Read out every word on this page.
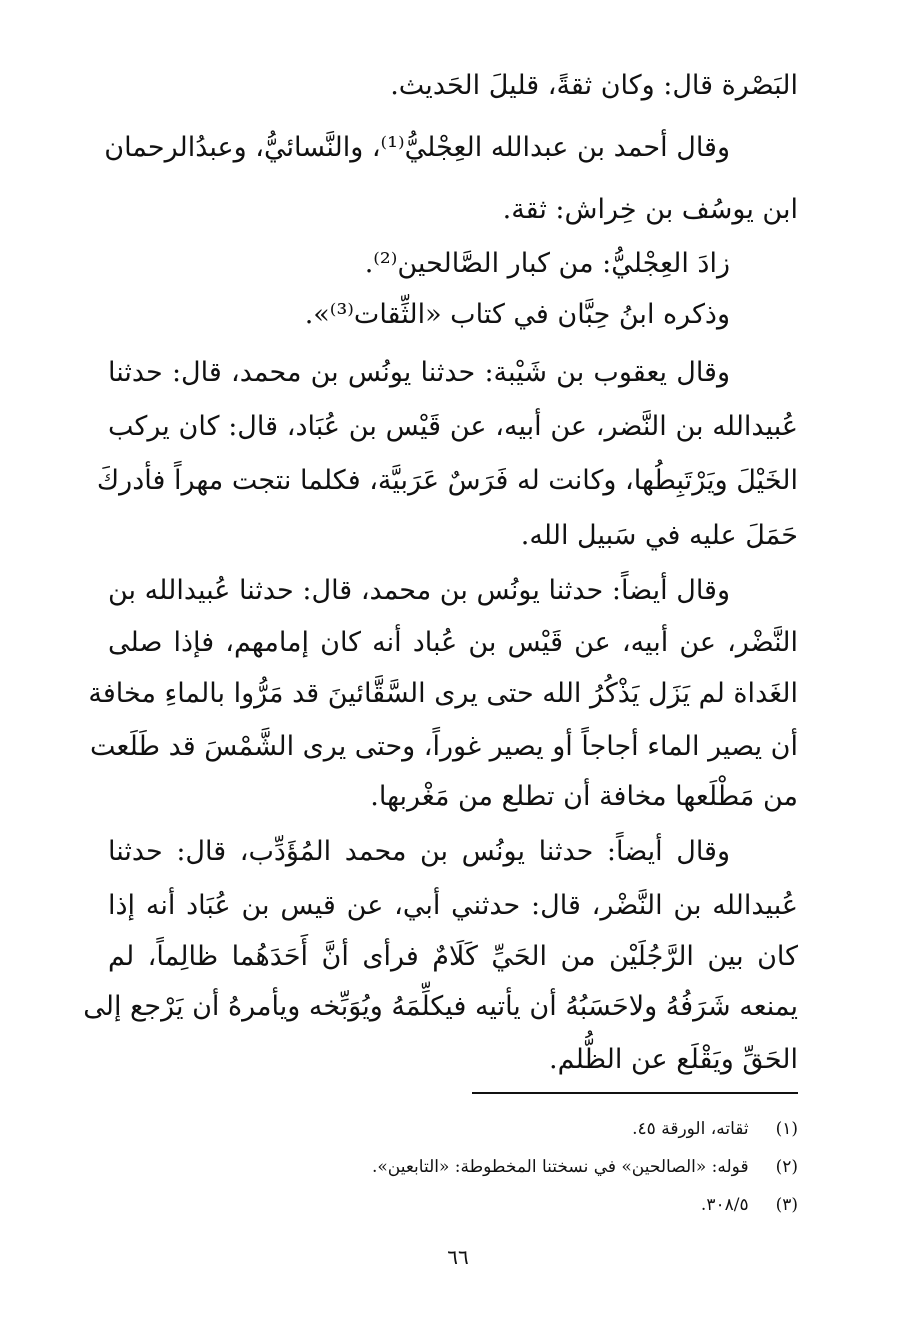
البَصْرة قال: وكان ثقةً، قليلَ الحَديث.
وقال أحمد بن عبدالله العِجْليُّ⁽¹⁾، والنَّسائيُّ، وعبدُالرحمان
ابن يوسُف بن خِراش: ثقة.
زادَ العِجْليُّ: من كبار الصَّالحين⁽²⁾.
وذكره ابنُ حِبَّان في كتاب «الثِّقات⁽³⁾».
وقال يعقوب بن شَيْبة: حدثنا يونُس بن محمد، قال: حدثنا
عُبيدالله بن النَّضر، عن أبيه، عن قَيْس بن عُبَاد، قال: كان يركب
الخَيْلَ ويَرْتَبِطُها، وكانت له فَرَسٌ عَرَبيَّة، فكلما نتجت مهراً فأدركَ
حَمَلَ عليه في سَبيل الله.
وقال أيضاً: حدثنا يونُس بن محمد، قال: حدثنا عُبيدالله بن
النَّضْر، عن أبيه، عن قَيْس بن عُباد أنه كان إمامهم، فإذا صلى
الغَداة لم يَزَل يَذْكُرُ الله حتى يرى السَّقَّائينَ قد مَرُّوا بالماءِ مخافة
أن يصير الماء أجاجاً أو يصير غوراً، وحتى يرى الشَّمْسَ قد طَلَعت
من مَطْلَعها مخافة أن تطلع من مَغْربها.
وقال أيضاً: حدثنا يونُس بن محمد المُؤَدِّب، قال: حدثنا
عُبيدالله بن النَّضْر، قال: حدثني أبي، عن قيس بن عُبَاد أنه إذا
كان بين الرَّجُلَيْن من الحَيِّ كَلَامٌ فرأى أنَّ أَحَدَهُما ظالِماً، لم
يمنعه شَرَفُهُ ولاحَسَبُهُ أن يأتيه فيكلِّمَهُ ويُوَبِّخه ويأمرهُ أن يَرْجع إلى
الحَقِّ ويَقْلَع عن الظُّلم.
(١) ثقاته، الورقة ٤٥.
(٢) قوله: «الصالحين» في نسختنا المخطوطة: «التابعين».
(٣) ٣٠٨/٥.
٦٦
